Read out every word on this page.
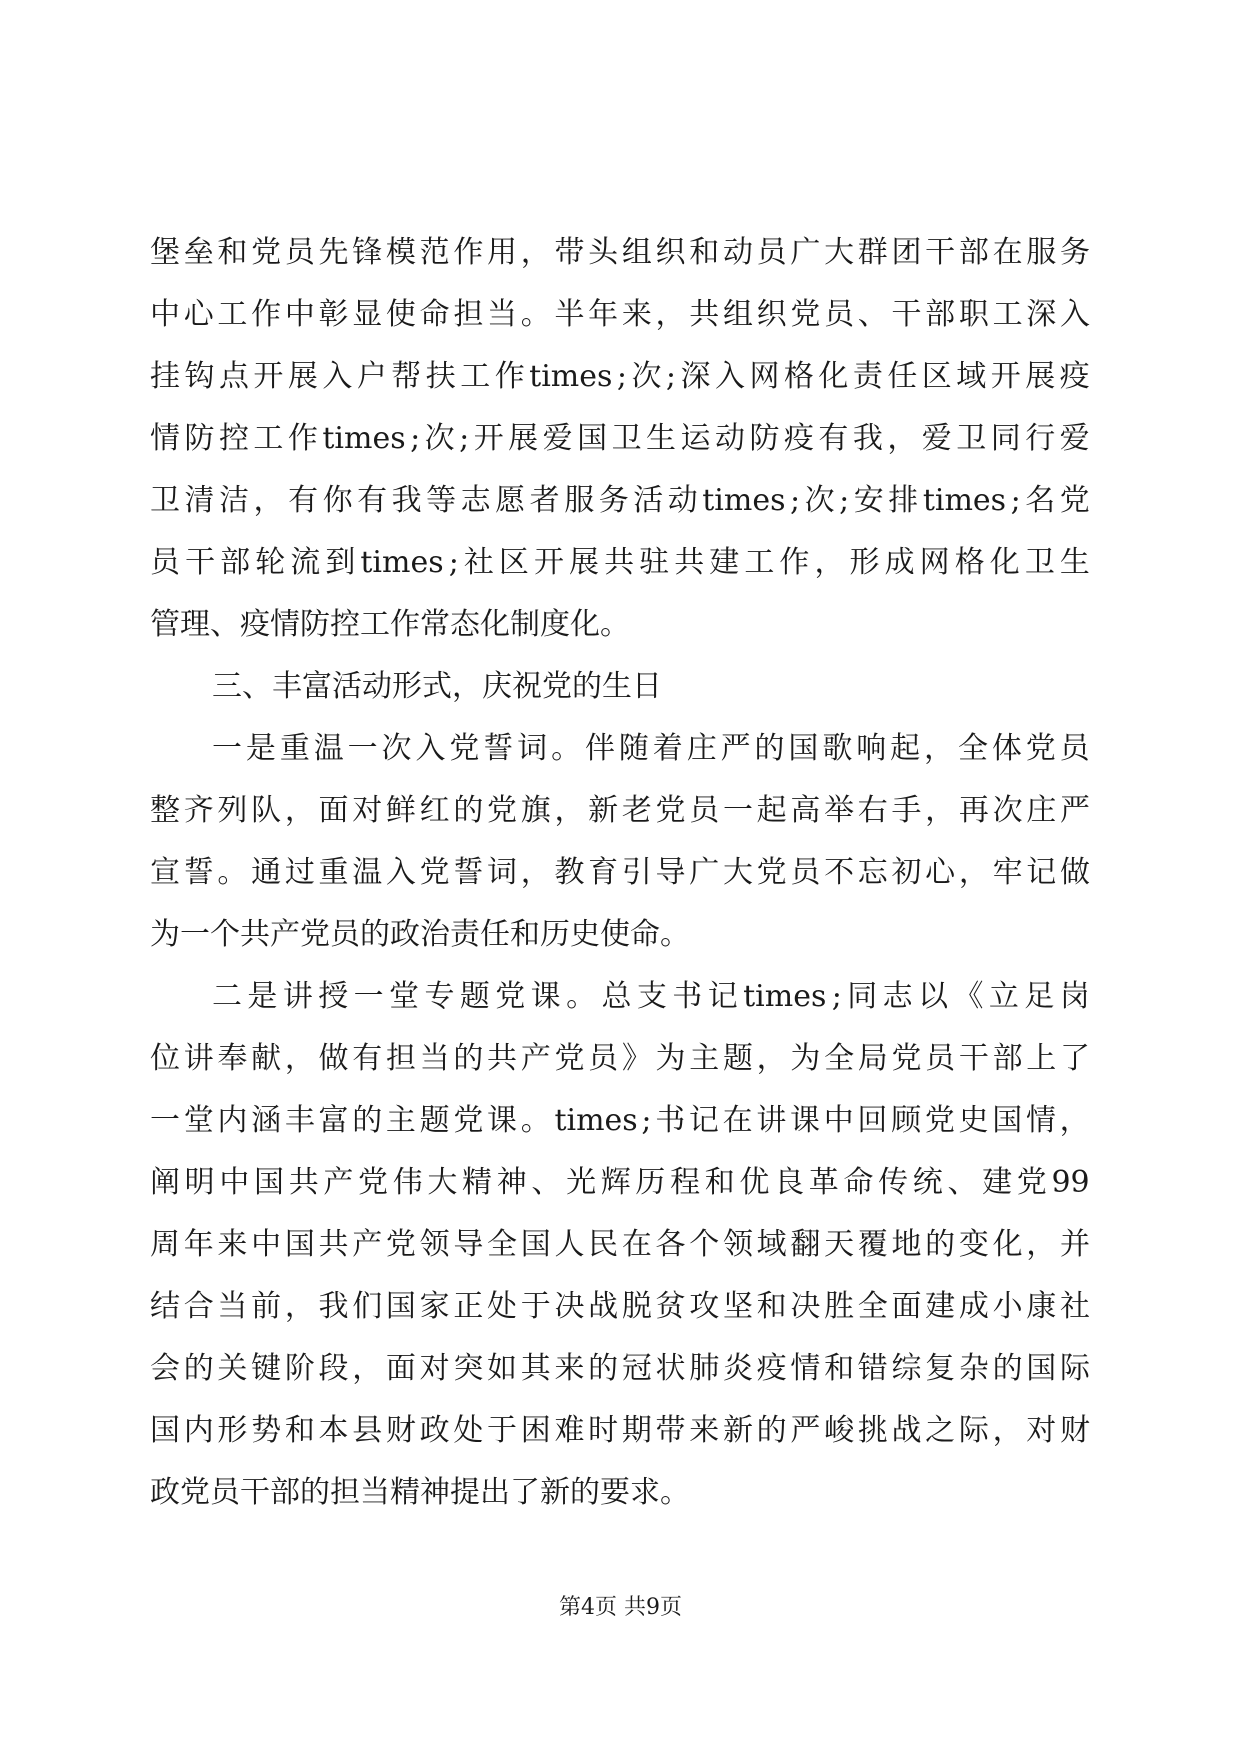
堡 垒 和 党 员 先 锋 模 范 作 用 ， 带 头 组 织 和 动 员 广 大 群 团 干 部 在 服 务
中 心 工 作 中 彰 显 使 命 担 当 。 半 年 来 ， 共 组 织 党 员 、 干 部 职 工 深 入
挂 钩 点 开 展 入 户 帮 扶 工 作 times ; 次 ; 深 入 网 格 化 责 任 区 域 开 展 疫
情 防 控 工 作 times ; 次 ; 开 展 爱 国 卫 生 运 动 防 疫 有 我 ， 爱 卫 同 行 爱
卫 清 洁 ， 有 你 有 我 等 志 愿 者 服 务 活 动 times ; 次 ; 安 排 times ; 名 党
员 干 部 轮 流 到 times ; 社 区 开 展 共 驻 共 建 工 作 ， 形 成 网 格 化 卫 生
管理、疫情防控工作常态化制度化。
三、丰富活动形式，庆祝党的生日
一 是 重 温 一 次 入 党 誓 词 。 伴 随 着 庄 严 的 国 歌 响 起 ， 全 体 党 员
整 齐 列 队 ， 面 对 鲜 红 的 党 旗 ， 新 老 党 员 一 起 高 举 右 手 ， 再 次 庄 严
宣 誓 。 通 过 重 温 入 党 誓 词 ， 教 育 引 导 广 大 党 员 不 忘 初 心 ， 牢 记 做
为一个共产党员的政治责任和历史使命。
二 是 讲 授 一 堂 专 题 党 课 。 总 支 书 记 times ; 同 志 以 《 立 足 岗
位 讲 奉 献 ， 做 有 担 当 的 共 产 党 员 》 为 主 题 ， 为 全 局 党 员 干 部 上 了
一 堂 内 涵 丰 富 的 主 题 党 课 。 times ; 书 记 在 讲 课 中 回 顾 党 史 国 情 ，
阐 明 中 国 共 产 党 伟 大 精 神 、 光 辉 历 程 和 优 良 革 命 传 统 、 建 党 99
周 年 来 中 国 共 产 党 领 导 全 国 人 民 在 各 个 领 域 翻 天 覆 地 的 变 化 ， 并
结 合 当 前 ， 我 们 国 家 正 处 于 决 战 脱 贫 攻 坚 和 决 胜 全 面 建 成 小 康 社
会 的 关 键 阶 段 ， 面 对 突 如 其 来 的 冠 状 肺 炎 疫 情 和 错 综 复 杂 的 国 际
国 内 形 势 和 本 县 财 政 处 于 困 难 时 期 带 来 新 的 严 峻 挑 战 之 际 ， 对 财
政党员干部的担当精神提出了新的要求。
第4页 共9页
